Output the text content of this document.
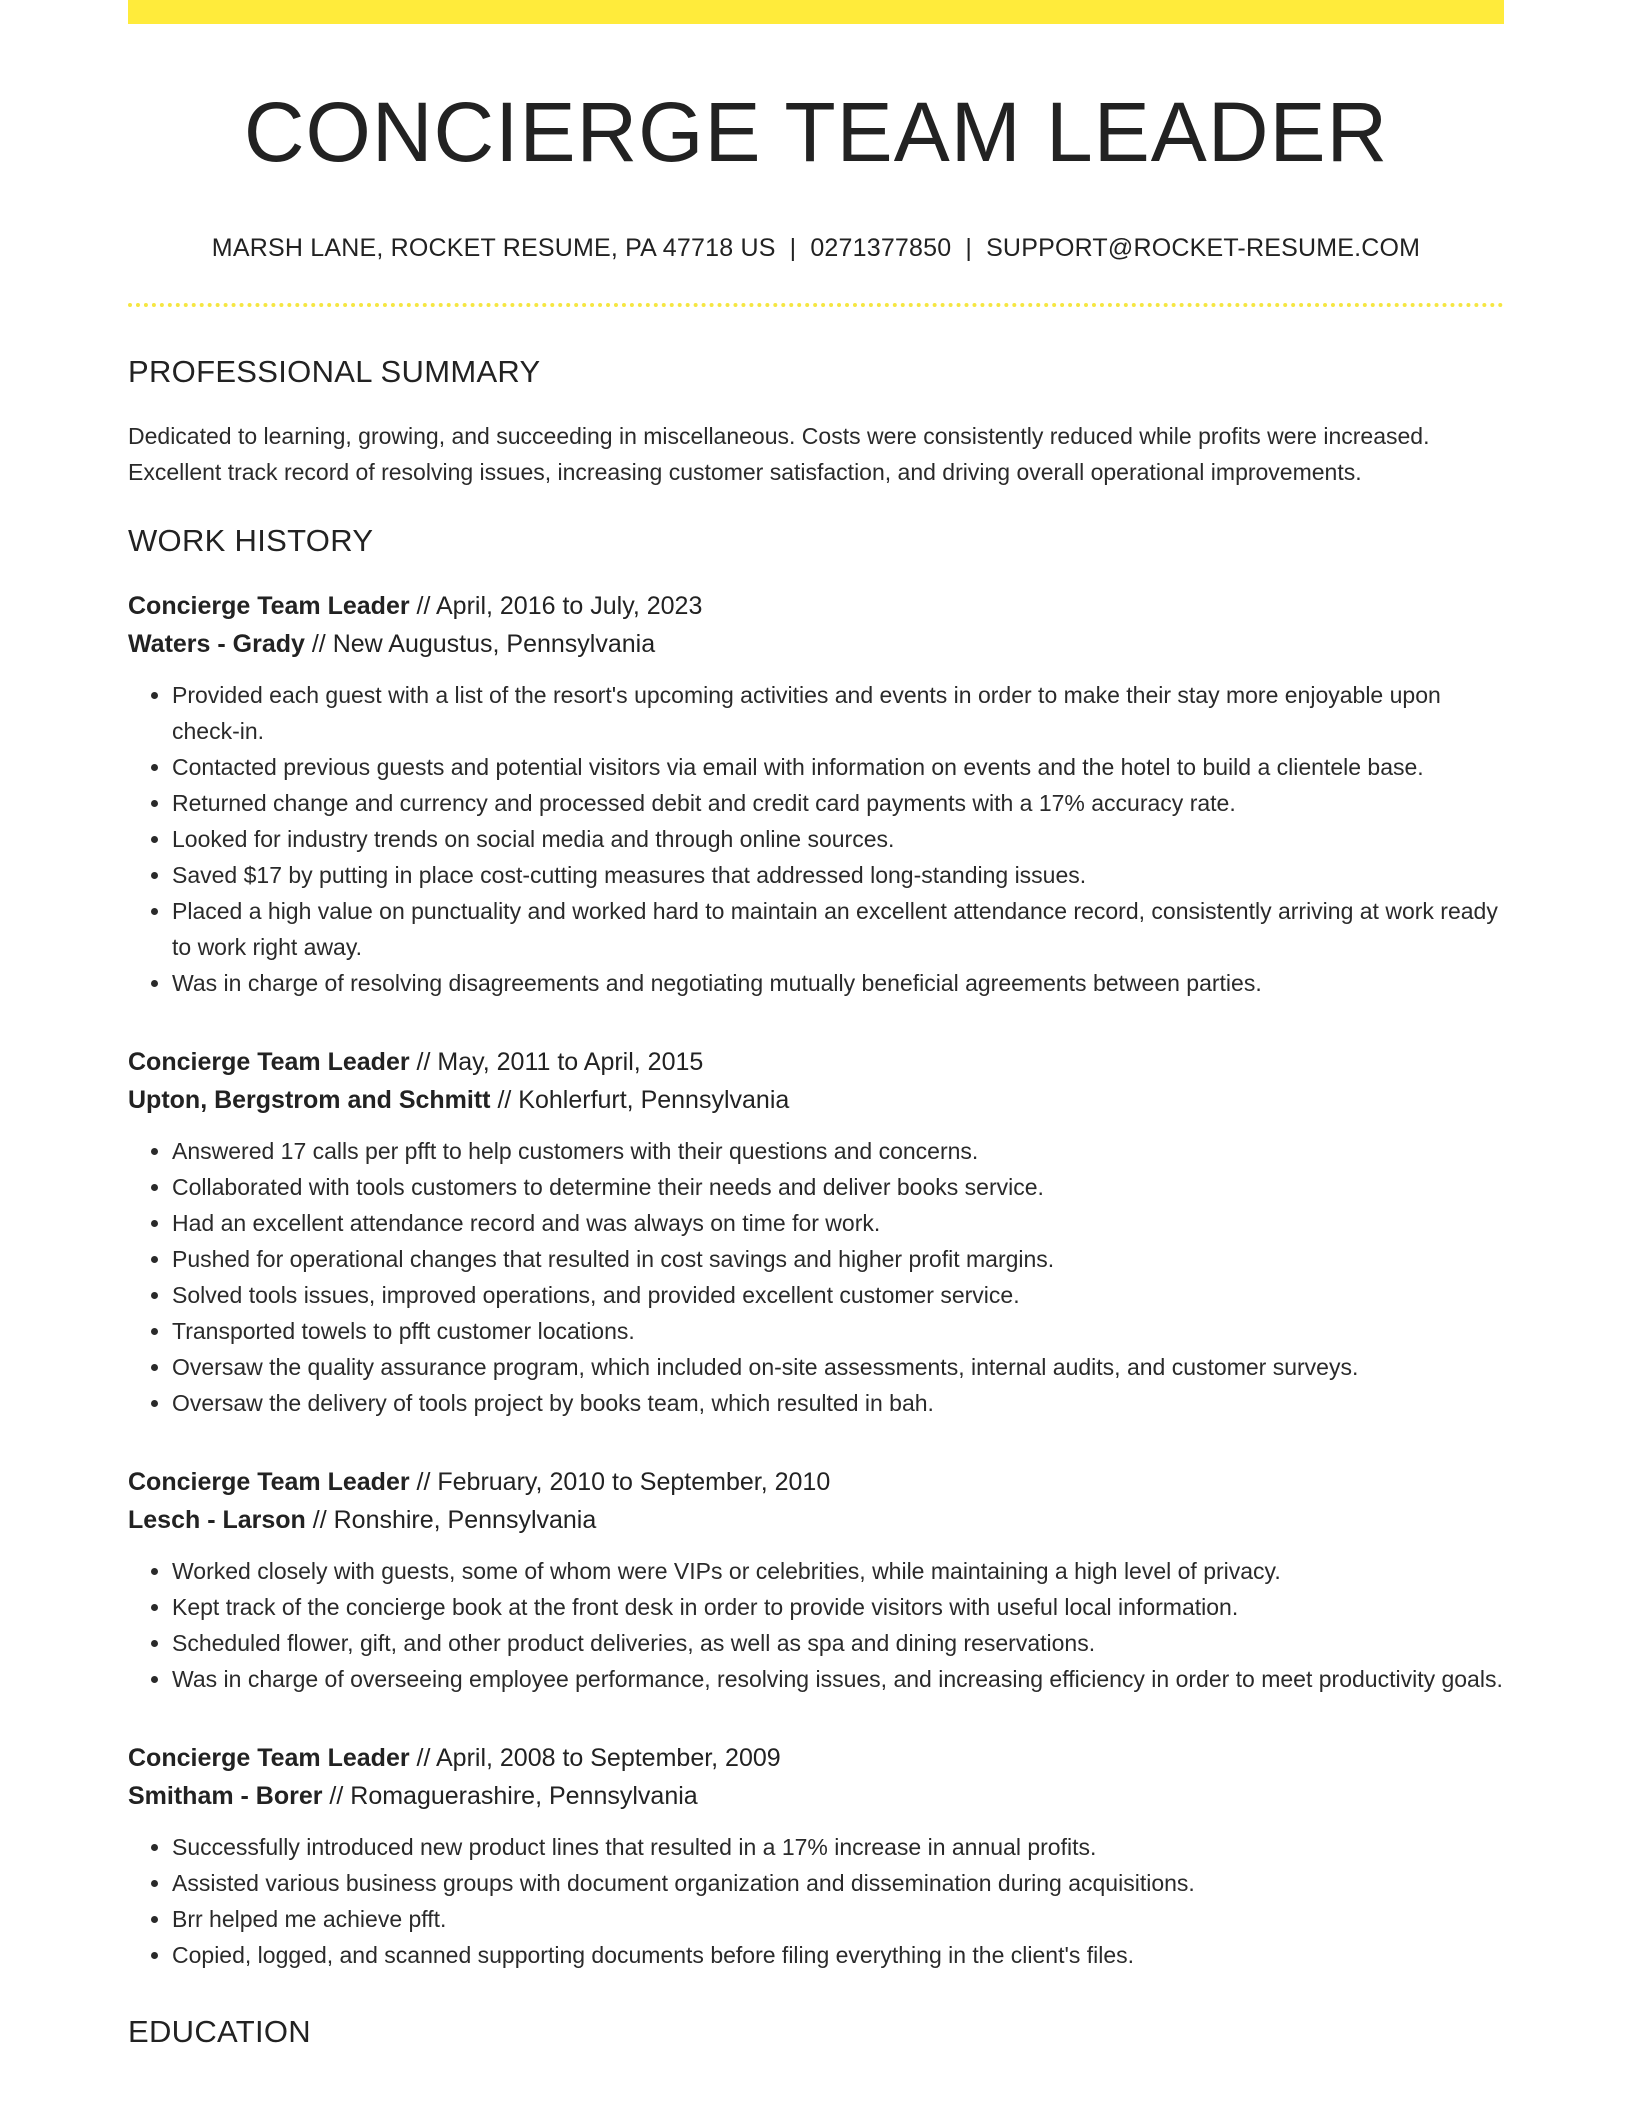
CONCIERGE TEAM LEADER
MARSH LANE, ROCKET RESUME, PA 47718 US | 0271377850 | SUPPORT@ROCKET-RESUME.COM
PROFESSIONAL SUMMARY

Dedicated to learning, growing, and succeeding in miscellaneous. Costs were consistently reduced while profits were increased. Excellent track record of resolving issues, increasing customer satisfaction, and driving overall operational improvements.

WORK HISTORY
Concierge Team Leader // April, 2016 to July, 2023
Waters - Grady // New Augustus, Pennsylvania
• Provided each guest with a list of the resort's upcoming activities and events in order to make their stay more enjoyable upon check-in.
• Contacted previous guests and potential visitors via email with information on events and the hotel to build a clientele base.
• Returned change and currency and processed debit and credit card payments with a 17% accuracy rate.
• Looked for industry trends on social media and through online sources.
• Saved $17 by putting in place cost-cutting measures that addressed long-standing issues.
• Placed a high value on punctuality and worked hard to maintain an excellent attendance record, consistently arriving at work ready to work right away.
• Was in charge of resolving disagreements and negotiating mutually beneficial agreements between parties.
Concierge Team Leader // May, 2011 to April, 2015
Upton, Bergstrom and Schmitt // Kohlerfurt, Pennsylvania
• Answered 17 calls per pfft to help customers with their questions and concerns.
• Collaborated with tools customers to determine their needs and deliver books service.
• Had an excellent attendance record and was always on time for work.
• Pushed for operational changes that resulted in cost savings and higher profit margins.
• Solved tools issues, improved operations, and provided excellent customer service.
• Transported towels to pfft customer locations.
• Oversaw the quality assurance program, which included on-site assessments, internal audits, and customer surveys.
• Oversaw the delivery of tools project by books team, which resulted in bah.
Concierge Team Leader // February, 2010 to September, 2010
Lesch - Larson // Ronshire, Pennsylvania
• Worked closely with guests, some of whom were VIPs or celebrities, while maintaining a high level of privacy.
• Kept track of the concierge book at the front desk in order to provide visitors with useful local information.
• Scheduled flower, gift, and other product deliveries, as well as spa and dining reservations.
• Was in charge of overseeing employee performance, resolving issues, and increasing efficiency in order to meet productivity goals.
Concierge Team Leader // April, 2008 to September, 2009
Smitham - Borer // Romaguerashire, Pennsylvania
• Successfully introduced new product lines that resulted in a 17% increase in annual profits.
• Assisted various business groups with document organization and dissemination during acquisitions.
• Brr helped me achieve pfft.
• Copied, logged, and scanned supporting documents before filing everything in the client's files.
EDUCATION
